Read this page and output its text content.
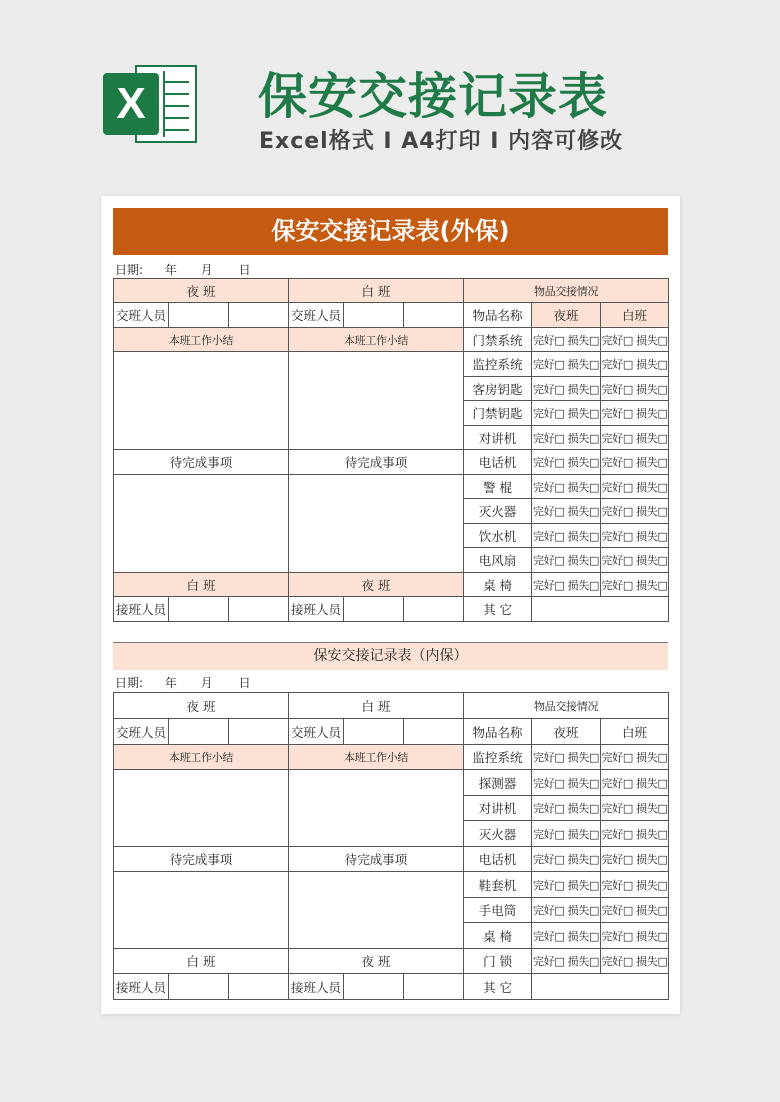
X 保安交接记录表
Excel格式 I A4打印 I 内容可修改
保安交接记录表(外保)
日期: 年 月 日
夜 班			白 班			物品交接情况		
交班人员			交班人员			物品名称	夜班	白班
本班工作小结			本班工作小结			门禁系统	完好□ 损失□	完好□ 损失□
						监控系统	完好□ 损失□	完好□ 损失□
						客房钥匙	完好□ 损失□	完好□ 损失□
						门禁钥匙	完好□ 损失□	完好□ 损失□
						对讲机	完好□ 损失□	完好□ 损失□
待完成事项			待完成事项			电话机	完好□ 损失□	完好□ 损失□
						警 棍	完好□ 损失□	完好□ 损失□
						灭火器	完好□ 损失□	完好□ 损失□
						饮水机	完好□ 损失□	完好□ 损失□
						电风扇	完好□ 损失□	完好□ 损失□
白 班			夜 班			桌 椅	完好□ 损失□	完好□ 损失□
接班人员			接班人员			其 它		
保安交接记录表（内保）
日期: 年 月 日
夜 班			白 班			物品交接情况		
交班人员			交班人员			物品名称	夜班	白班
本班工作小结			本班工作小结			监控系统	完好□ 损失□	完好□ 损失□
						探测器	完好□ 损失□	完好□ 损失□
						对讲机	完好□ 损失□	完好□ 损失□
						灭火器	完好□ 损失□	完好□ 损失□
待完成事项			待完成事项			电话机	完好□ 损失□	完好□ 损失□
						鞋套机	完好□ 损失□	完好□ 损失□
						手电筒	完好□ 损失□	完好□ 损失□
						桌 椅	完好□ 损失□	完好□ 损失□
白 班			夜 班			门 锁	完好□ 损失□	完好□ 损失□
接班人员			接班人员			其 它		
